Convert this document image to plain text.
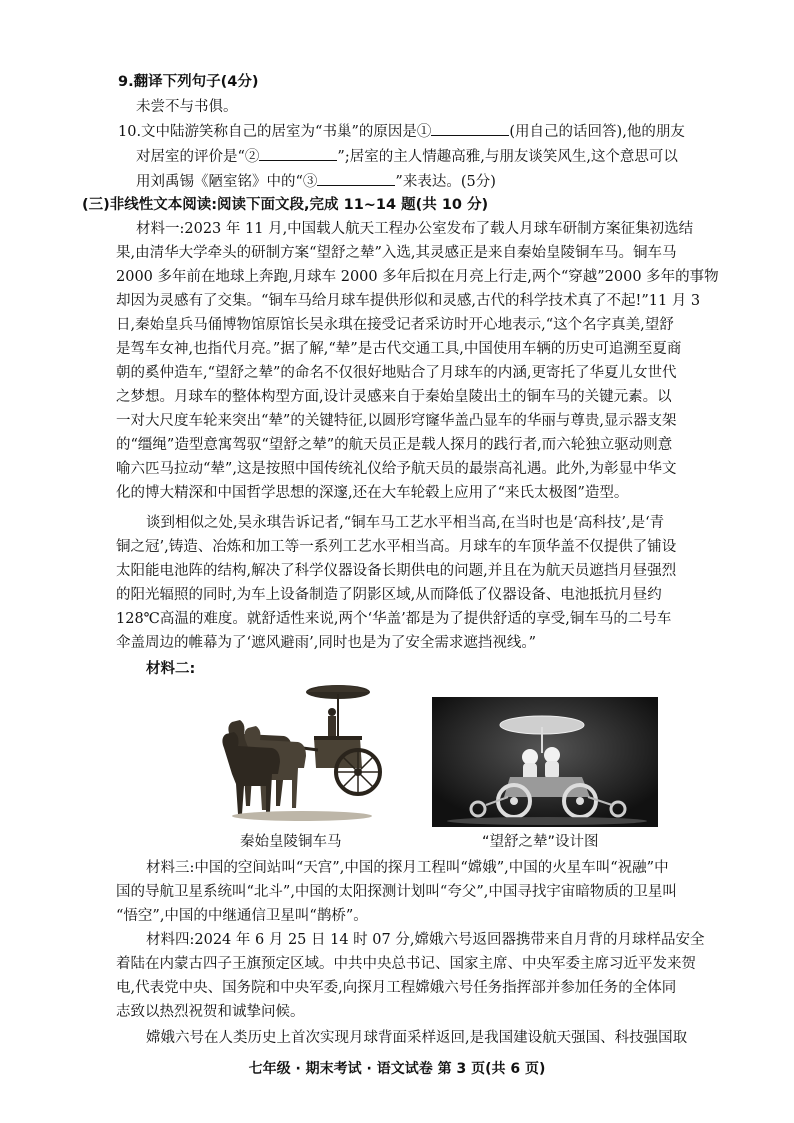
9.翻译下列句子(4分)
未尝不与书俱。
10.文中陆游笑称自己的居室为“书巢”的原因是①	(用自己的话回答),他的朋友
对居室的评价是“②	”;居室的主人情趣高雅,与朋友谈笑风生,这个意思可以
用刘禹锡《陋室铭》中的“③	”来表达。(5分)
(三)非线性文本阅读:阅读下面文段,完成 11~14 题(共 10 分)
材料一:2023 年 11 月,中国载人航天工程办公室发布了载人月球车研制方案征集初选结
果,由清华大学牵头的研制方案“望舒之辇”入选,其灵感正是来自秦始皇陵铜车马。铜车马
2000 多年前在地球上奔跑,月球车 2000 多年后拟在月亮上行走,两个“穿越”2000 多年的事物
却因为灵感有了交集。“铜车马给月球车提供形似和灵感,古代的科学技术真了不起!”11 月 3
日,秦始皇兵马俑博物馆原馆长吴永琪在接受记者采访时开心地表示,“这个名字真美,望舒
是驾车女神,也指代月亮。”据了解,“辇”是古代交通工具,中国使用车辆的历史可追溯至夏商
朝的奚仲造车,“望舒之辇”的命名不仅很好地贴合了月球车的内涵,更寄托了华夏儿女世代
之梦想。月球车的整体构型方面,设计灵感来自于秦始皇陵出土的铜车马的关键元素。以
一对大尺度车轮来突出“辇”的关键特征,以圆形穹窿华盖凸显车的华丽与尊贵,显示器支架
的“缰绳”造型意寓驾驭“望舒之辇”的航天员正是载人探月的践行者,而六轮独立驱动则意
喻六匹马拉动“辇”,这是按照中国传统礼仪给予航天员的最崇高礼遇。此外,为彰显中华文
化的博大精深和中国哲学思想的深邃,还在大车轮毂上应用了“来氏太极图”造型。
谈到相似之处,吴永琪告诉记者,“铜车马工艺水平相当高,在当时也是‘高科技’,是‘青
铜之冠’,铸造、冶炼和加工等一系列工艺水平相当高。月球车的车顶华盖不仅提供了铺设
太阳能电池阵的结构,解决了科学仪器设备长期供电的问题,并且在为航天员遮挡月昼强烈
的阳光辐照的同时,为车上设备制造了阴影区域,从而降低了仪器设备、电池抵抗月昼约
128℃高温的难度。就舒适性来说,两个‘华盖’都是为了提供舒适的享受,铜车马的二号车
伞盖周边的帷幕为了‘遮风避雨’,同时也是为了安全需求遮挡视线。”
材料二:
秦始皇陵铜车马	“望舒之辇”设计图
材料三:中国的空间站叫“天宫”,中国的探月工程叫“嫦娥”,中国的火星车叫“祝融”中
国的导航卫星系统叫“北斗”,中国的太阳探测计划叫“夸父”,中国寻找宇宙暗物质的卫星叫
“悟空”,中国的中继通信卫星叫“鹊桥”。
材料四:2024 年 6 月 25 日 14 时 07 分,嫦娥六号返回器携带来自月背的月球样品安全
着陆在内蒙古四子王旗预定区域。中共中央总书记、国家主席、中央军委主席习近平发来贺
电,代表党中央、国务院和中央军委,向探月工程嫦娥六号任务指挥部并参加任务的全体同
志致以热烈祝贺和诚挚问候。
嫦娥六号在人类历史上首次实现月球背面采样返回,是我国建设航天强国、科技强国取
七年级 · 期末考试 · 语文试卷 第 3 页(共 6 页)
